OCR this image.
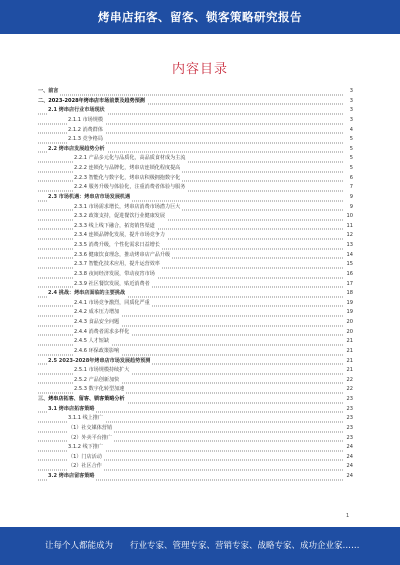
烤串店拓客、留客、锁客策略研究报告
内容目录
一、前言	3
二、2023-2028年烤串店市场前景及趋势预测	3
2.1 烤串店行业市场现状	3
2.1.1 市场规模	3
2.1.2 消费群体	4
2.1.3 竞争格局	5
2.2 烤串店发展趋势分析	5
2.2.1 产品多元化与品质化，高品质食材成为主流	5
2.2.2 连锁化与品牌化，烤串店连锁化程度提高	5
2.2.3 智能化与数字化，烤串店积极拥抱数字化	6
2.2.4 服务升级与体验化，注重消费者体验与服务	7
2.3 市场机遇：烤串店市场发展机遇	9
2.3.1 市场需求增长，烤串店消费市场潜力巨大	9
2.3.2 政策支持，促进餐饮行业健康发展	10
2.3.3 线上线下融合，拓宽销售渠道	11
2.3.4 连锁品牌化发展，提升市场竞争力	12
2.3.5 消费升级，个性化需求日益增长	13
2.3.6 健康饮食理念，推动烤串店产品升级	14
2.3.7 智能化技术应用，提升运营效率	15
2.3.8 夜间经济发展，带动夜宵市场	16
2.3.9 社区餐饮发展，贴近消费者	17
2.4 挑战：烤串店面临的主要挑战	18
2.4.1 市场竞争激烈，同质化严重	19
2.4.2 成本压力增加	19
2.4.3 食品安全问题	20
2.4.4 消费者需求多样化	20
2.4.5 人才短缺	21
2.4.6 环保政策影响	21
2.5 2023-2028年烤串店市场发展趋势预测	21
2.5.1 市场规模持续扩大	21
2.5.2 产品创新加快	22
2.5.3 数字化转型加速	22
三、烤串店拓客、留客、锁客策略分析	23
3.1 烤串店拓客策略	23
3.1.1 线上推广	23
（1）社交媒体营销	23
（2）外卖平台推广	23
3.1.2 线下推广	24
（1）门店活动	24
（2）社区合作	24
3.2 烤串店留客策略	24
1
让每个人都能成为 行业专家、管理专家、营销专家、战略专家、成功企业家……
